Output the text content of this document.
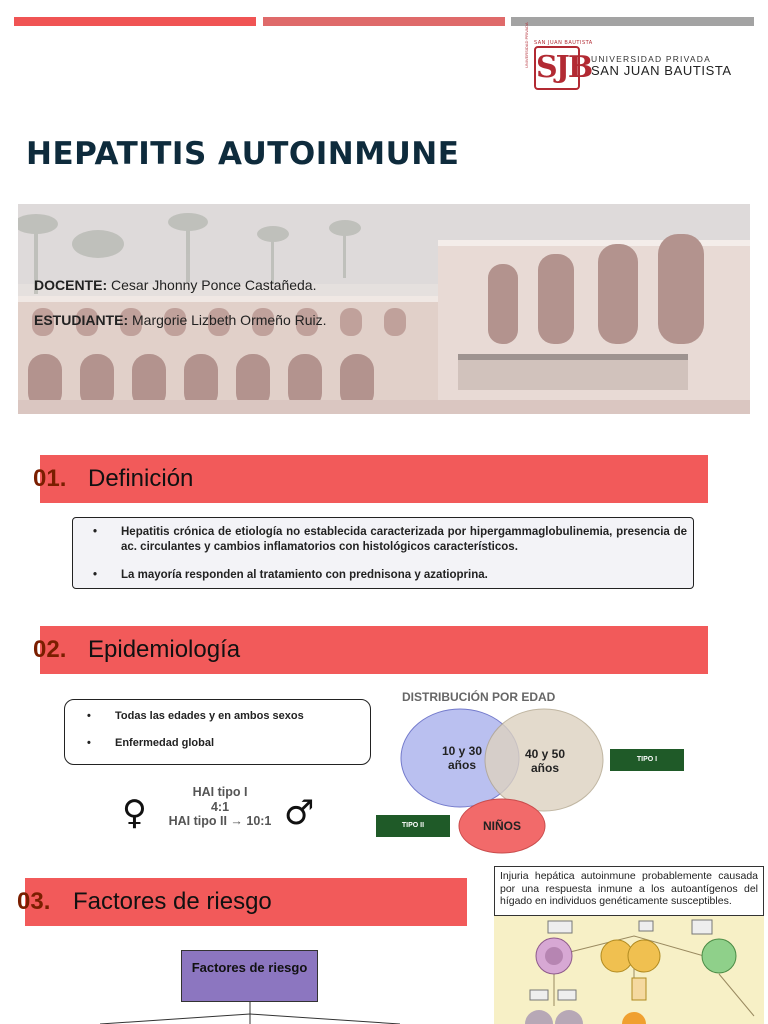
SAN JUAN BAUTISTA
UNIVERSIDAD PRIVADA SJB UNIVERSIDAD PRIVADA
SAN JUAN BAUTISTA
HEPATITIS AUTOINMUNE
DOCENTE: Cesar Jhonny Ponce Castañeda.
ESTUDIANTE: Margorie Lizbeth Ormeño Ruiz.
01. Definición
• Hepatitis crónica de etiología no establecida caracterizada por hipergammaglobulinemia, presencia de ac. circulantes y cambios inflamatorios con histológicos característicos.
• La mayoría responden al tratamiento con prednisona y azatioprina.
02. Epidemiología
• Todas las edades y en ambos sexos
• Enfermedad global
♀
HAI tipo I
4:1
HAI tipo II → 10:1 ♂
DISTRIBUCIÓN POR EDAD
10 y 30 años
40 y 50 años
NIÑOS
TIPO I
TIPO II
03. Factores de riesgo
Injuria hepática autoinmune probablemente causada por una respuesta inmune a los autoantígenos del hígado en individuos genéticamente susceptibles.
Factores de riesgo
